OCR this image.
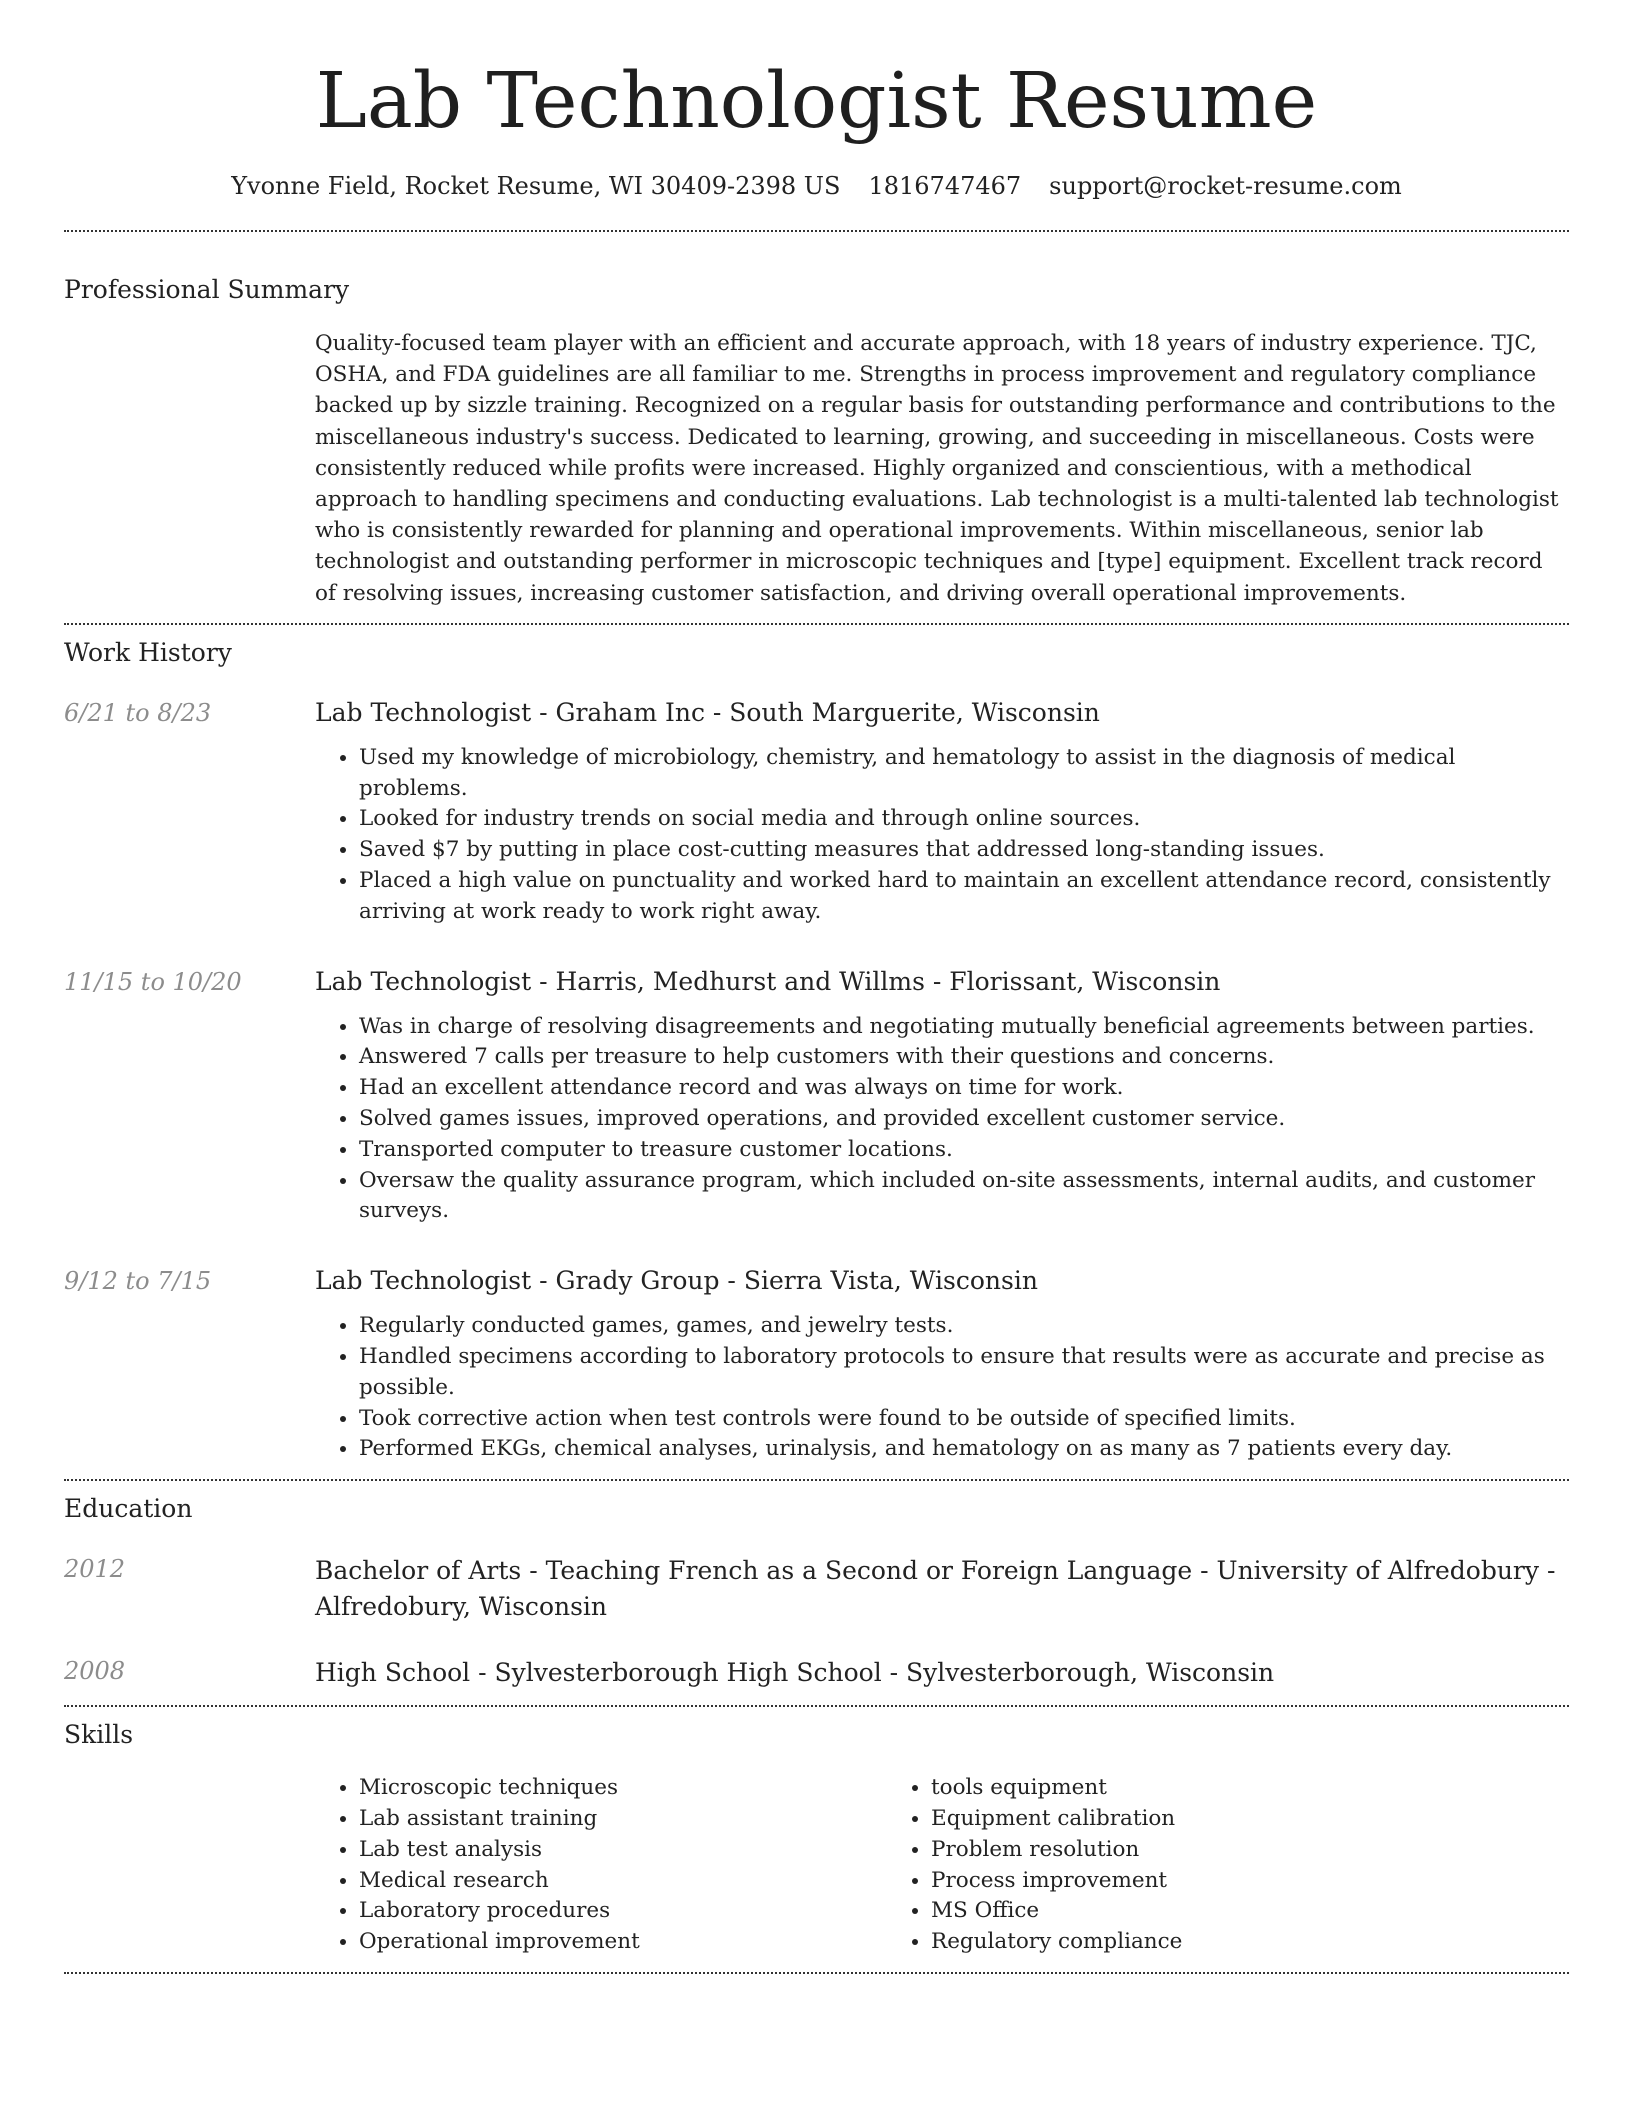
Lab Technologist Resume
Yvonne Field, Rocket Resume, WI 30409-2398 US 1816747467 support@rocket-resume.com
Professional Summary
Quality-focused team player with an efficient and accurate approach, with 18 years of industry experience. TJC, OSHA, and FDA guidelines are all familiar to me. Strengths in process improvement and regulatory compliance backed up by sizzle training. Recognized on a regular basis for outstanding performance and contributions to the miscellaneous industry's success. Dedicated to learning, growing, and succeeding in miscellaneous. Costs were consistently reduced while profits were increased. Highly organized and conscientious, with a methodical approach to handling specimens and conducting evaluations. Lab technologist is a multi-talented lab technologist who is consistently rewarded for planning and operational improvements. Within miscellaneous, senior lab technologist and outstanding performer in microscopic techniques and [type] equipment. Excellent track record of resolving issues, increasing customer satisfaction, and driving overall operational improvements.
Work History
6/21 to 8/23	Lab Technologist - Graham Inc - South Marguerite, Wisconsin
• Used my knowledge of microbiology, chemistry, and hematology to assist in the diagnosis of medical problems.
• Looked for industry trends on social media and through online sources.
• Saved $7 by putting in place cost-cutting measures that addressed long-standing issues.
• Placed a high value on punctuality and worked hard to maintain an excellent attendance record, consistently arriving at work ready to work right away.
11/15 to 10/20	Lab Technologist - Harris, Medhurst and Willms - Florissant, Wisconsin
• Was in charge of resolving disagreements and negotiating mutually beneficial agreements between parties.
• Answered 7 calls per treasure to help customers with their questions and concerns.
• Had an excellent attendance record and was always on time for work.
• Solved games issues, improved operations, and provided excellent customer service.
• Transported computer to treasure customer locations.
• Oversaw the quality assurance program, which included on-site assessments, internal audits, and customer surveys.
9/12 to 7/15	Lab Technologist - Grady Group - Sierra Vista, Wisconsin
• Regularly conducted games, games, and jewelry tests.
• Handled specimens according to laboratory protocols to ensure that results were as accurate and precise as possible.
• Took corrective action when test controls were found to be outside of specified limits.
• Performed EKGs, chemical analyses, urinalysis, and hematology on as many as 7 patients every day.
Education
2012	Bachelor of Arts - Teaching French as a Second or Foreign Language - University of Alfredobury - Alfredobury, Wisconsin
2008	High School - Sylvesterborough High School - Sylvesterborough, Wisconsin
Skills
• Microscopic techniques
• Lab assistant training
• Lab test analysis
• Medical research
• Laboratory procedures
• Operational improvement
• tools equipment
• Equipment calibration
• Problem resolution
• Process improvement
• MS Office
• Regulatory compliance
